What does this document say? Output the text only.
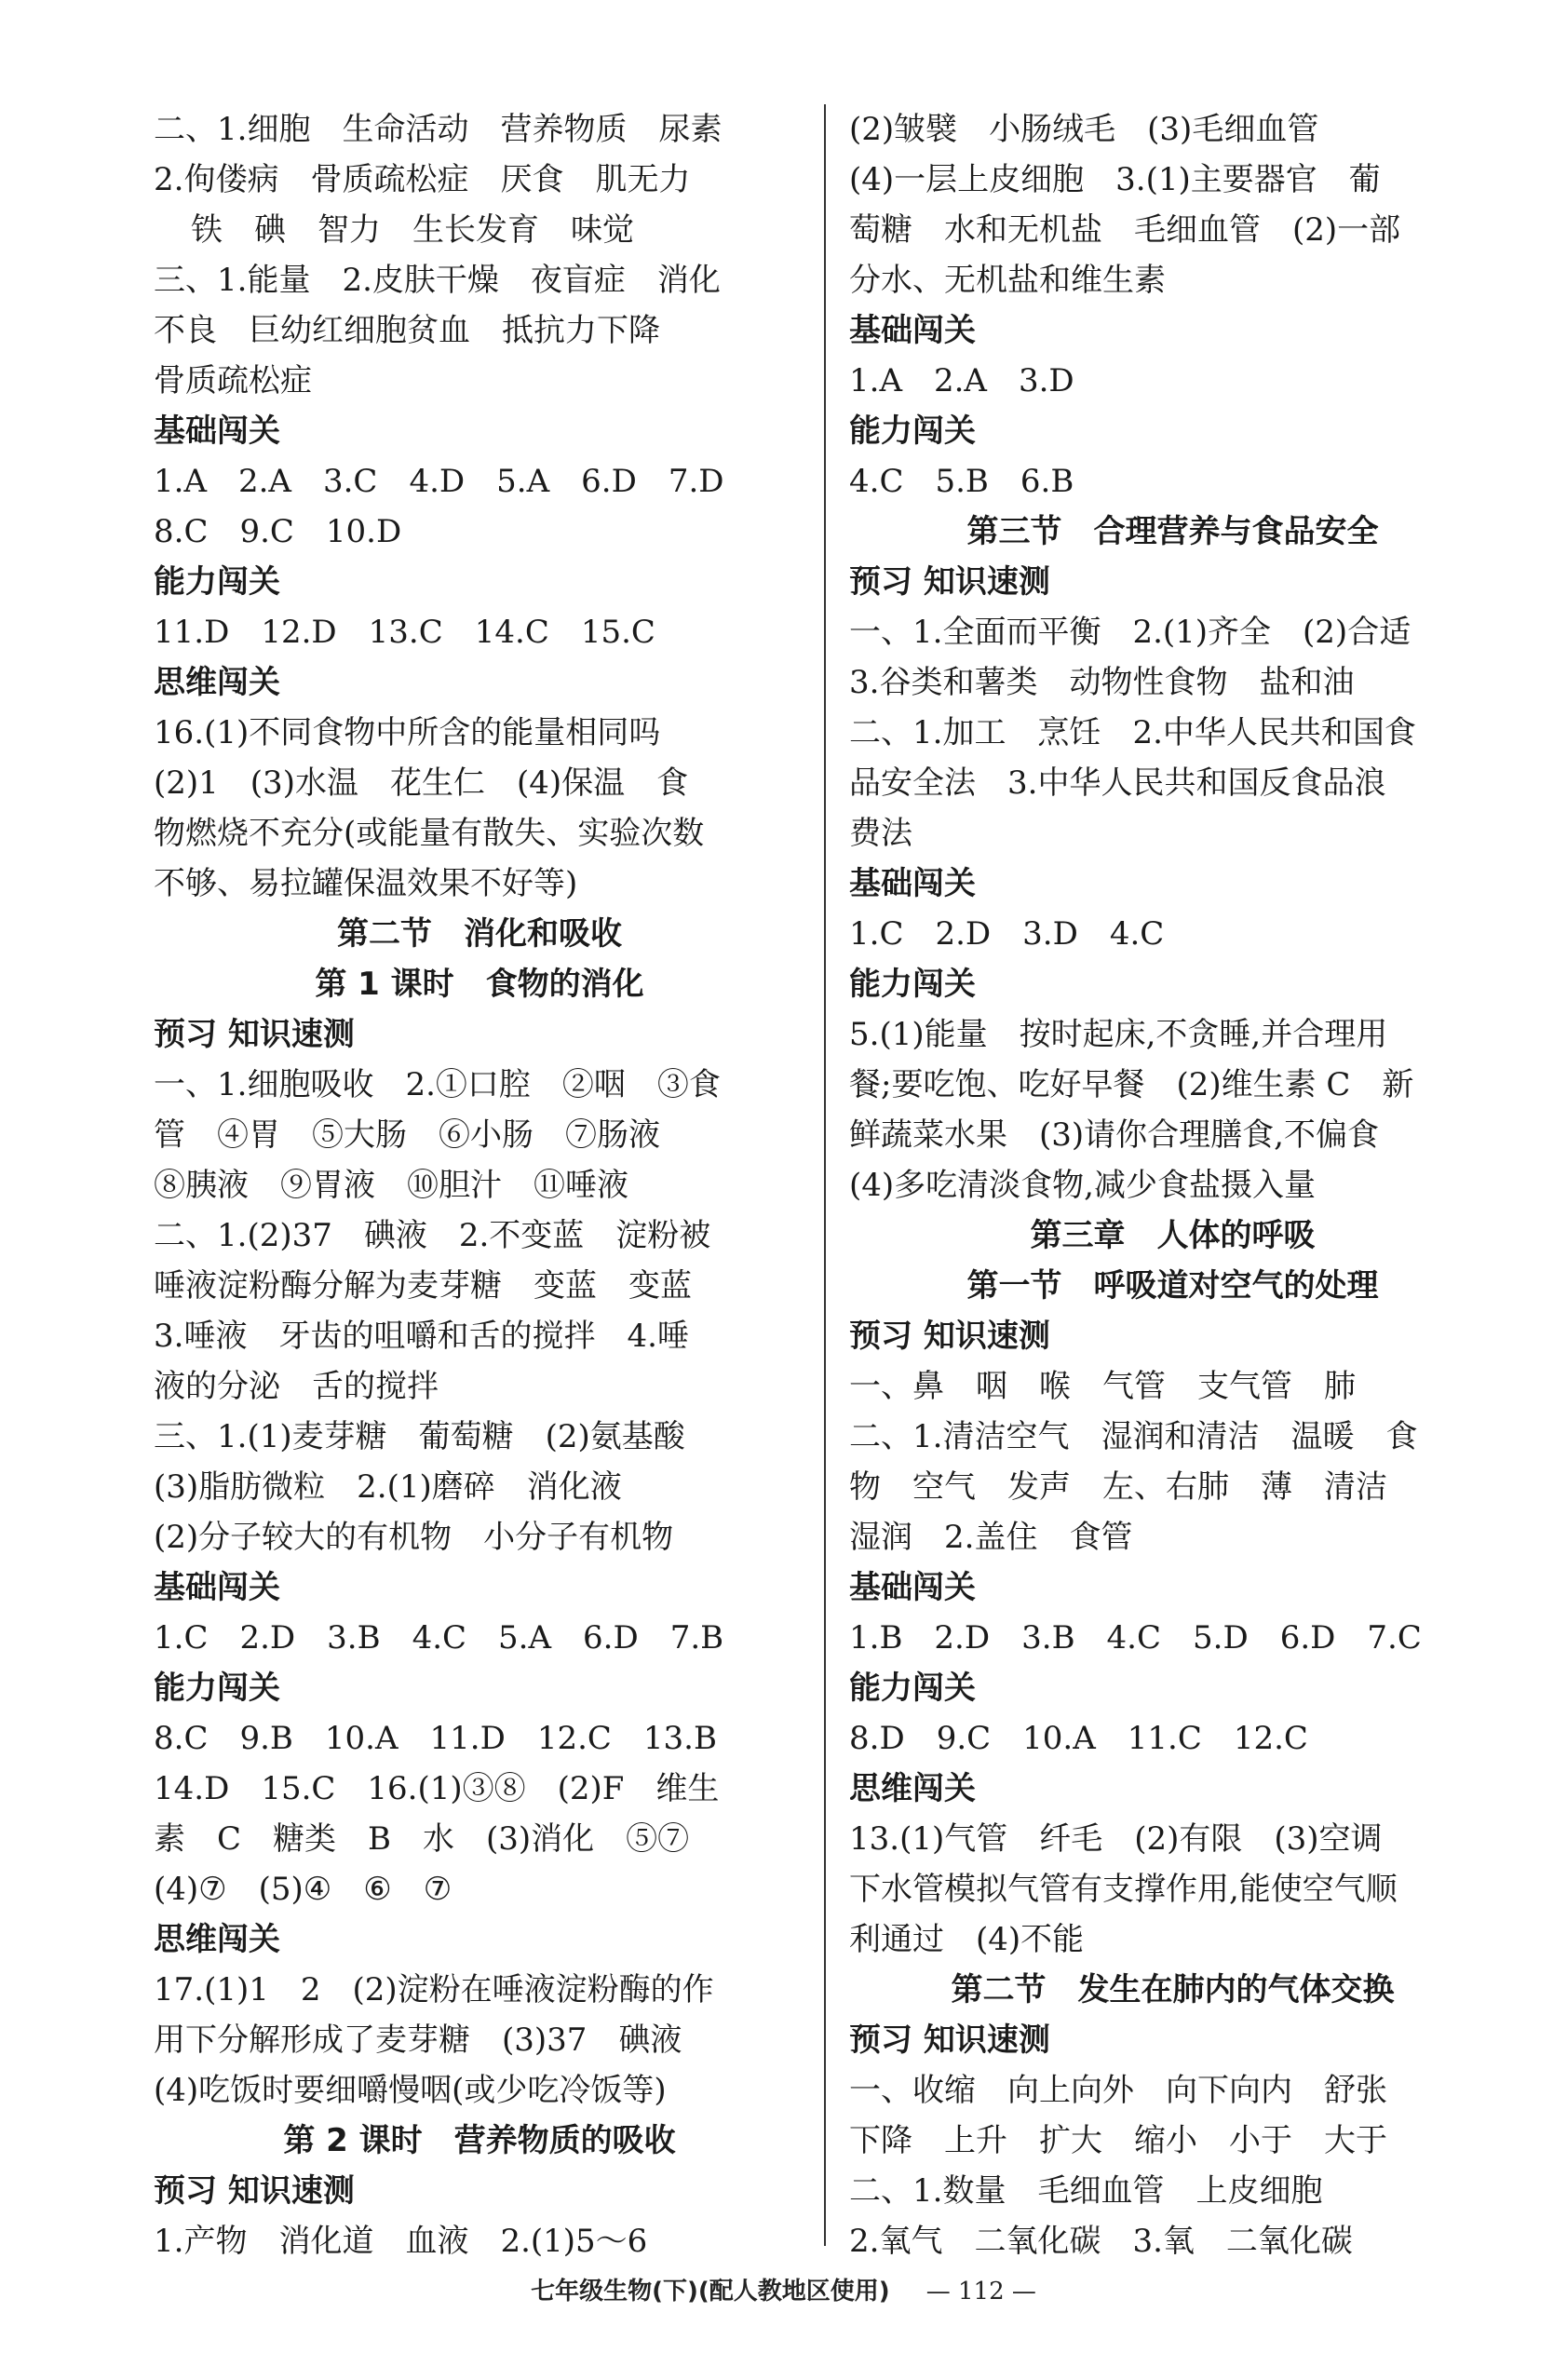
二、1.细胞　生命活动　营养物质　尿素
2.佝偻病　骨质疏松症　厌食　肌无力
铁　碘　智力　生长发育　味觉
三、1.能量　2.皮肤干燥　夜盲症　消化
不良　巨幼红细胞贫血　抵抗力下降
骨质疏松症
基础闯关
1.A　2.A　3.C　4.D　5.A　6.D　7.D
8.C　9.C　10.D
能力闯关
11.D　12.D　13.C　14.C　15.C
思维闯关
16.(1)不同食物中所含的能量相同吗
(2)1　(3)水温　花生仁　(4)保温　食
物燃烧不充分(或能量有散失、实验次数
不够、易拉罐保温效果不好等)
第二节　消化和吸收
第 1 课时　食物的消化
预习 知识速测
一、1.细胞吸收　2.①口腔　②咽　③食
管　④胃　⑤大肠　⑥小肠　⑦肠液
⑧胰液　⑨胃液　⑩胆汁　⑪唾液
二、1.(2)37　碘液　2.不变蓝　淀粉被
唾液淀粉酶分解为麦芽糖　变蓝　变蓝
3.唾液　牙齿的咀嚼和舌的搅拌　4.唾
液的分泌　舌的搅拌
三、1.(1)麦芽糖　葡萄糖　(2)氨基酸
(3)脂肪微粒　2.(1)磨碎　消化液
(2)分子较大的有机物　小分子有机物
基础闯关
1.C　2.D　3.B　4.C　5.A　6.D　7.B
能力闯关
8.C　9.B　10.A　11.D　12.C　13.B
14.D　15.C　16.(1)③⑧　(2)F　维生
素　C　糖类　B　水　(3)消化　⑤⑦
(4)⑦　(5)④　⑥　⑦
思维闯关
17.(1)1　2　(2)淀粉在唾液淀粉酶的作
用下分解形成了麦芽糖　(3)37　碘液
(4)吃饭时要细嚼慢咽(或少吃冷饭等)
第 2 课时　营养物质的吸收
预习 知识速测
1.产物　消化道　血液　2.(1)5～6
(2)皱襞　小肠绒毛　(3)毛细血管
(4)一层上皮细胞　3.(1)主要器官　葡
萄糖　水和无机盐　毛细血管　(2)一部
分水、无机盐和维生素
基础闯关
1.A　2.A　3.D
能力闯关
4.C　5.B　6.B
第三节　合理营养与食品安全
预习 知识速测
一、1.全面而平衡　2.(1)齐全　(2)合适
3.谷类和薯类　动物性食物　盐和油
二、1.加工　烹饪　2.中华人民共和国食
品安全法　3.中华人民共和国反食品浪
费法
基础闯关
1.C　2.D　3.D　4.C
能力闯关
5.(1)能量　按时起床,不贪睡,并合理用
餐;要吃饱、吃好早餐　(2)维生素 C　新
鲜蔬菜水果　(3)请你合理膳食,不偏食
(4)多吃清淡食物,减少食盐摄入量
第三章　人体的呼吸
第一节　呼吸道对空气的处理
预习 知识速测
一、鼻　咽　喉　气管　支气管　肺
二、1.清洁空气　湿润和清洁　温暖　食
物　空气　发声　左、右肺　薄　清洁
湿润　2.盖住　食管
基础闯关
1.B　2.D　3.B　4.C　5.D　6.D　7.C
能力闯关
8.D　9.C　10.A　11.C　12.C
思维闯关
13.(1)气管　纤毛　(2)有限　(3)空调
下水管模拟气管有支撑作用,能使空气顺
利通过　(4)不能
第二节　发生在肺内的气体交换
预习 知识速测
一、收缩　向上向外　向下向内　舒张
下降　上升　扩大　缩小　小于　大于
二、1.数量　毛细血管　上皮细胞
2.氧气　二氧化碳　3.氧　二氧化碳
七年级生物(下)(配人教地区使用) — 112 —
